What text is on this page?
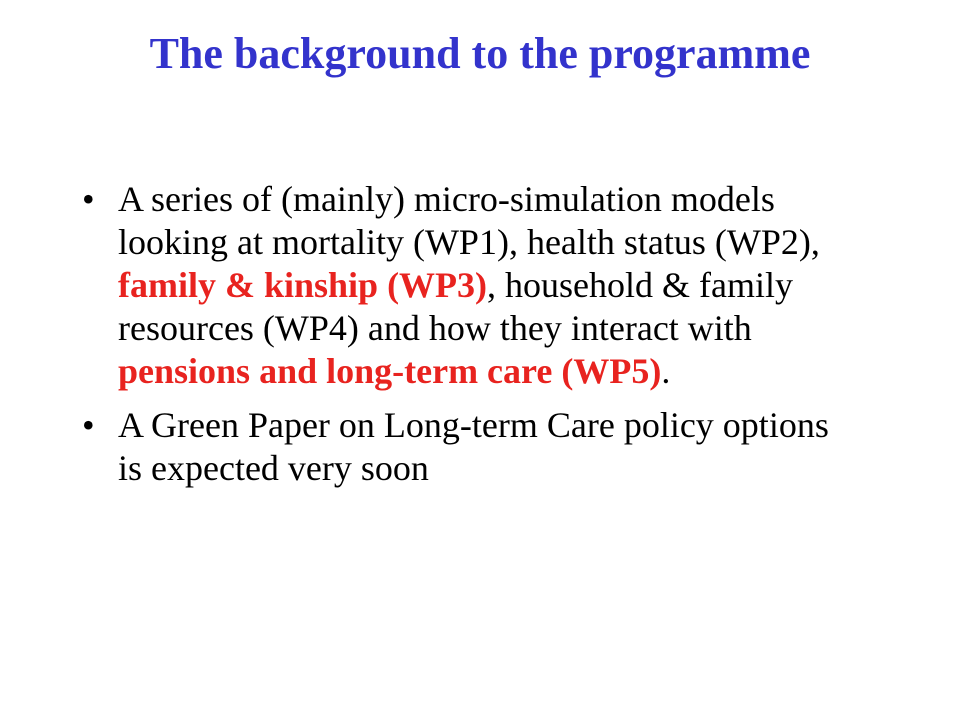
The background to the programme
• A series of (mainly) micro-simulation models looking at mortality (WP1), health status (WP2), family & kinship (WP3), household & family resources (WP4) and how they interact with pensions and long-term care (WP5).
• A Green Paper on Long-term Care policy options is expected very soon
